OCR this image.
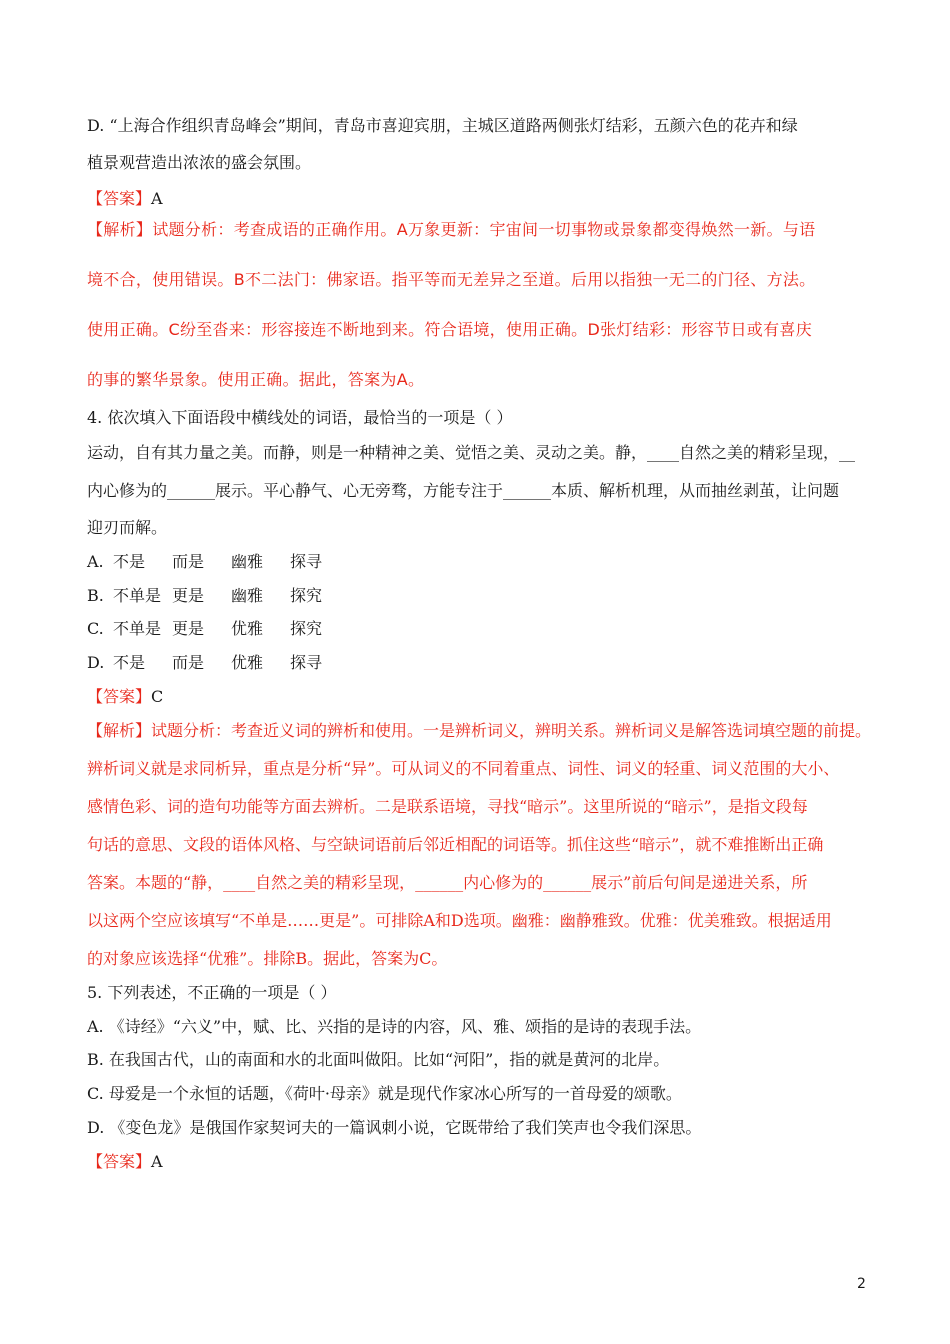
D. “上海合作组织青岛峰会”期间，青岛市喜迎宾朋，主城区道路两侧张灯结彩，五颜六色的花卉和绿
植景观营造出浓浓的盛会氛围。
【答案】A
【解析】试题分析：考查成语的正确作用。A万象更新：宇宙间一切事物或景象都变得焕然一新。与语
境不合，使用错误。B不二法门：佛家语。指平等而无差异之至道。后用以指独一无二的门径、方法。
使用正确。C纷至沓来：形容接连不断地到来。符合语境，使用正确。D张灯结彩：形容节日或有喜庆
的事的繁华景象。使用正确。据此，答案为A。
4. 依次填入下面语段中横线处的词语，最恰当的一项是（ ）
运动，自有其力量之美。而静，则是一种精神之美、觉悟之美、灵动之美。静，____自然之美的精彩呈现，__
内心修为的______展示。平心静气、心无旁骛，方能专注于______本质、解析机理，从而抽丝剥茧，让问题
迎刃而解。
A. 不是 而是 幽雅 探寻
B. 不单是 更是 幽雅 探究
C. 不单是 更是 优雅 探究
D. 不是 而是 优雅 探寻
【答案】C
【解析】试题分析：考查近义词的辨析和使用。一是辨析词义，辨明关系。辨析词义是解答选词填空题的前提。
辨析词义就是求同析异，重点是分析“异”。可从词义的不同着重点、词性、词义的轻重、词义范围的大小、
感情色彩、词的造句功能等方面去辨析。二是联系语境，寻找“暗示”。这里所说的“暗示”，是指文段每
句话的意思、文段的语体风格、与空缺词语前后邻近相配的词语等。抓住这些“暗示”，就不难推断出正确
答案。本题的“静，____自然之美的精彩呈现，______内心修为的______展示”前后句间是递进关系，所
以这两个空应该填写“不单是……更是”。可排除A和D选项。幽雅：幽静雅致。优雅：优美雅致。根据适用
的对象应该选择“优雅”。排除B。据此，答案为C。
5. 下列表述，不正确的一项是（ ）
A. 《诗经》“六义”中，赋、比、兴指的是诗的内容，风、雅、颂指的是诗的表现手法。
B. 在我国古代，山的南面和水的北面叫做阳。比如“河阳”，指的就是黄河的北岸。
C. 母爱是一个永恒的话题，《荷叶·母亲》就是现代作家冰心所写的一首母爱的颂歌。
D. 《变色龙》是俄国作家契诃夫的一篇讽刺小说，它既带给了我们笑声也令我们深思。
【答案】A
2
